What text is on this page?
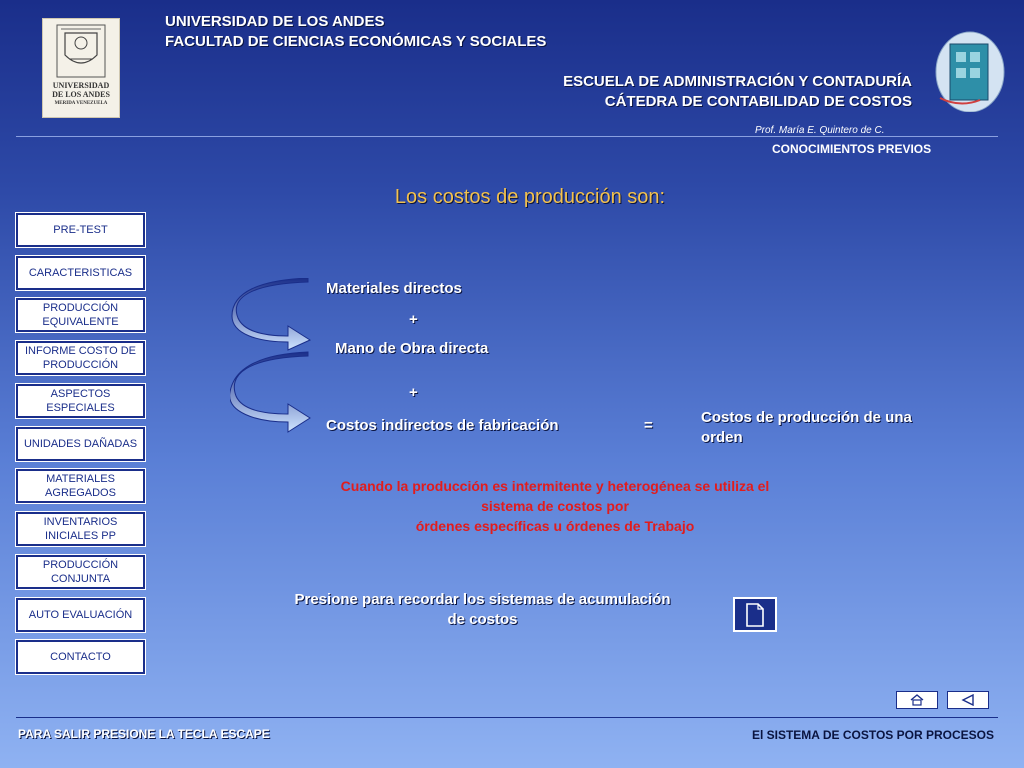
UNIVERSIDAD
DE LOS ANDES
MERIDA VENEZUELA
UNIVERSIDAD DE LOS ANDES
FACULTAD DE CIENCIAS ECONÓMICAS Y SOCIALES
ESCUELA DE ADMINISTRACIÓN Y CONTADURÍA
CÁTEDRA DE CONTABILIDAD DE COSTOS
Prof. María E. Quintero de C.
CONOCIMIENTOS PREVIOS
Los costos de producción son:
PRE-TEST
CARACTERISTICAS
PRODUCCIÓN EQUIVALENTE
INFORME COSTO DE PRODUCCIÓN
ASPECTOS ESPECIALES
UNIDADES DAÑADAS
MATERIALES AGREGADOS
INVENTARIOS INICIALES PP
PRODUCCIÓN CONJUNTA
AUTO EVALUACIÓN
CONTACTO
Materiales directos
+
Mano de Obra directa
+
Costos indirectos de fabricación	=	Costos de producción de una
orden
Cuando la producción es intermitente y heterogénea se utiliza el
sistema de costos por
órdenes específicas u órdenes de Trabajo
Presione para recordar los sistemas de acumulación
de costos
PARA SALIR PRESIONE LA TECLA ESCAPE	El SISTEMA DE COSTOS POR PROCESOS
